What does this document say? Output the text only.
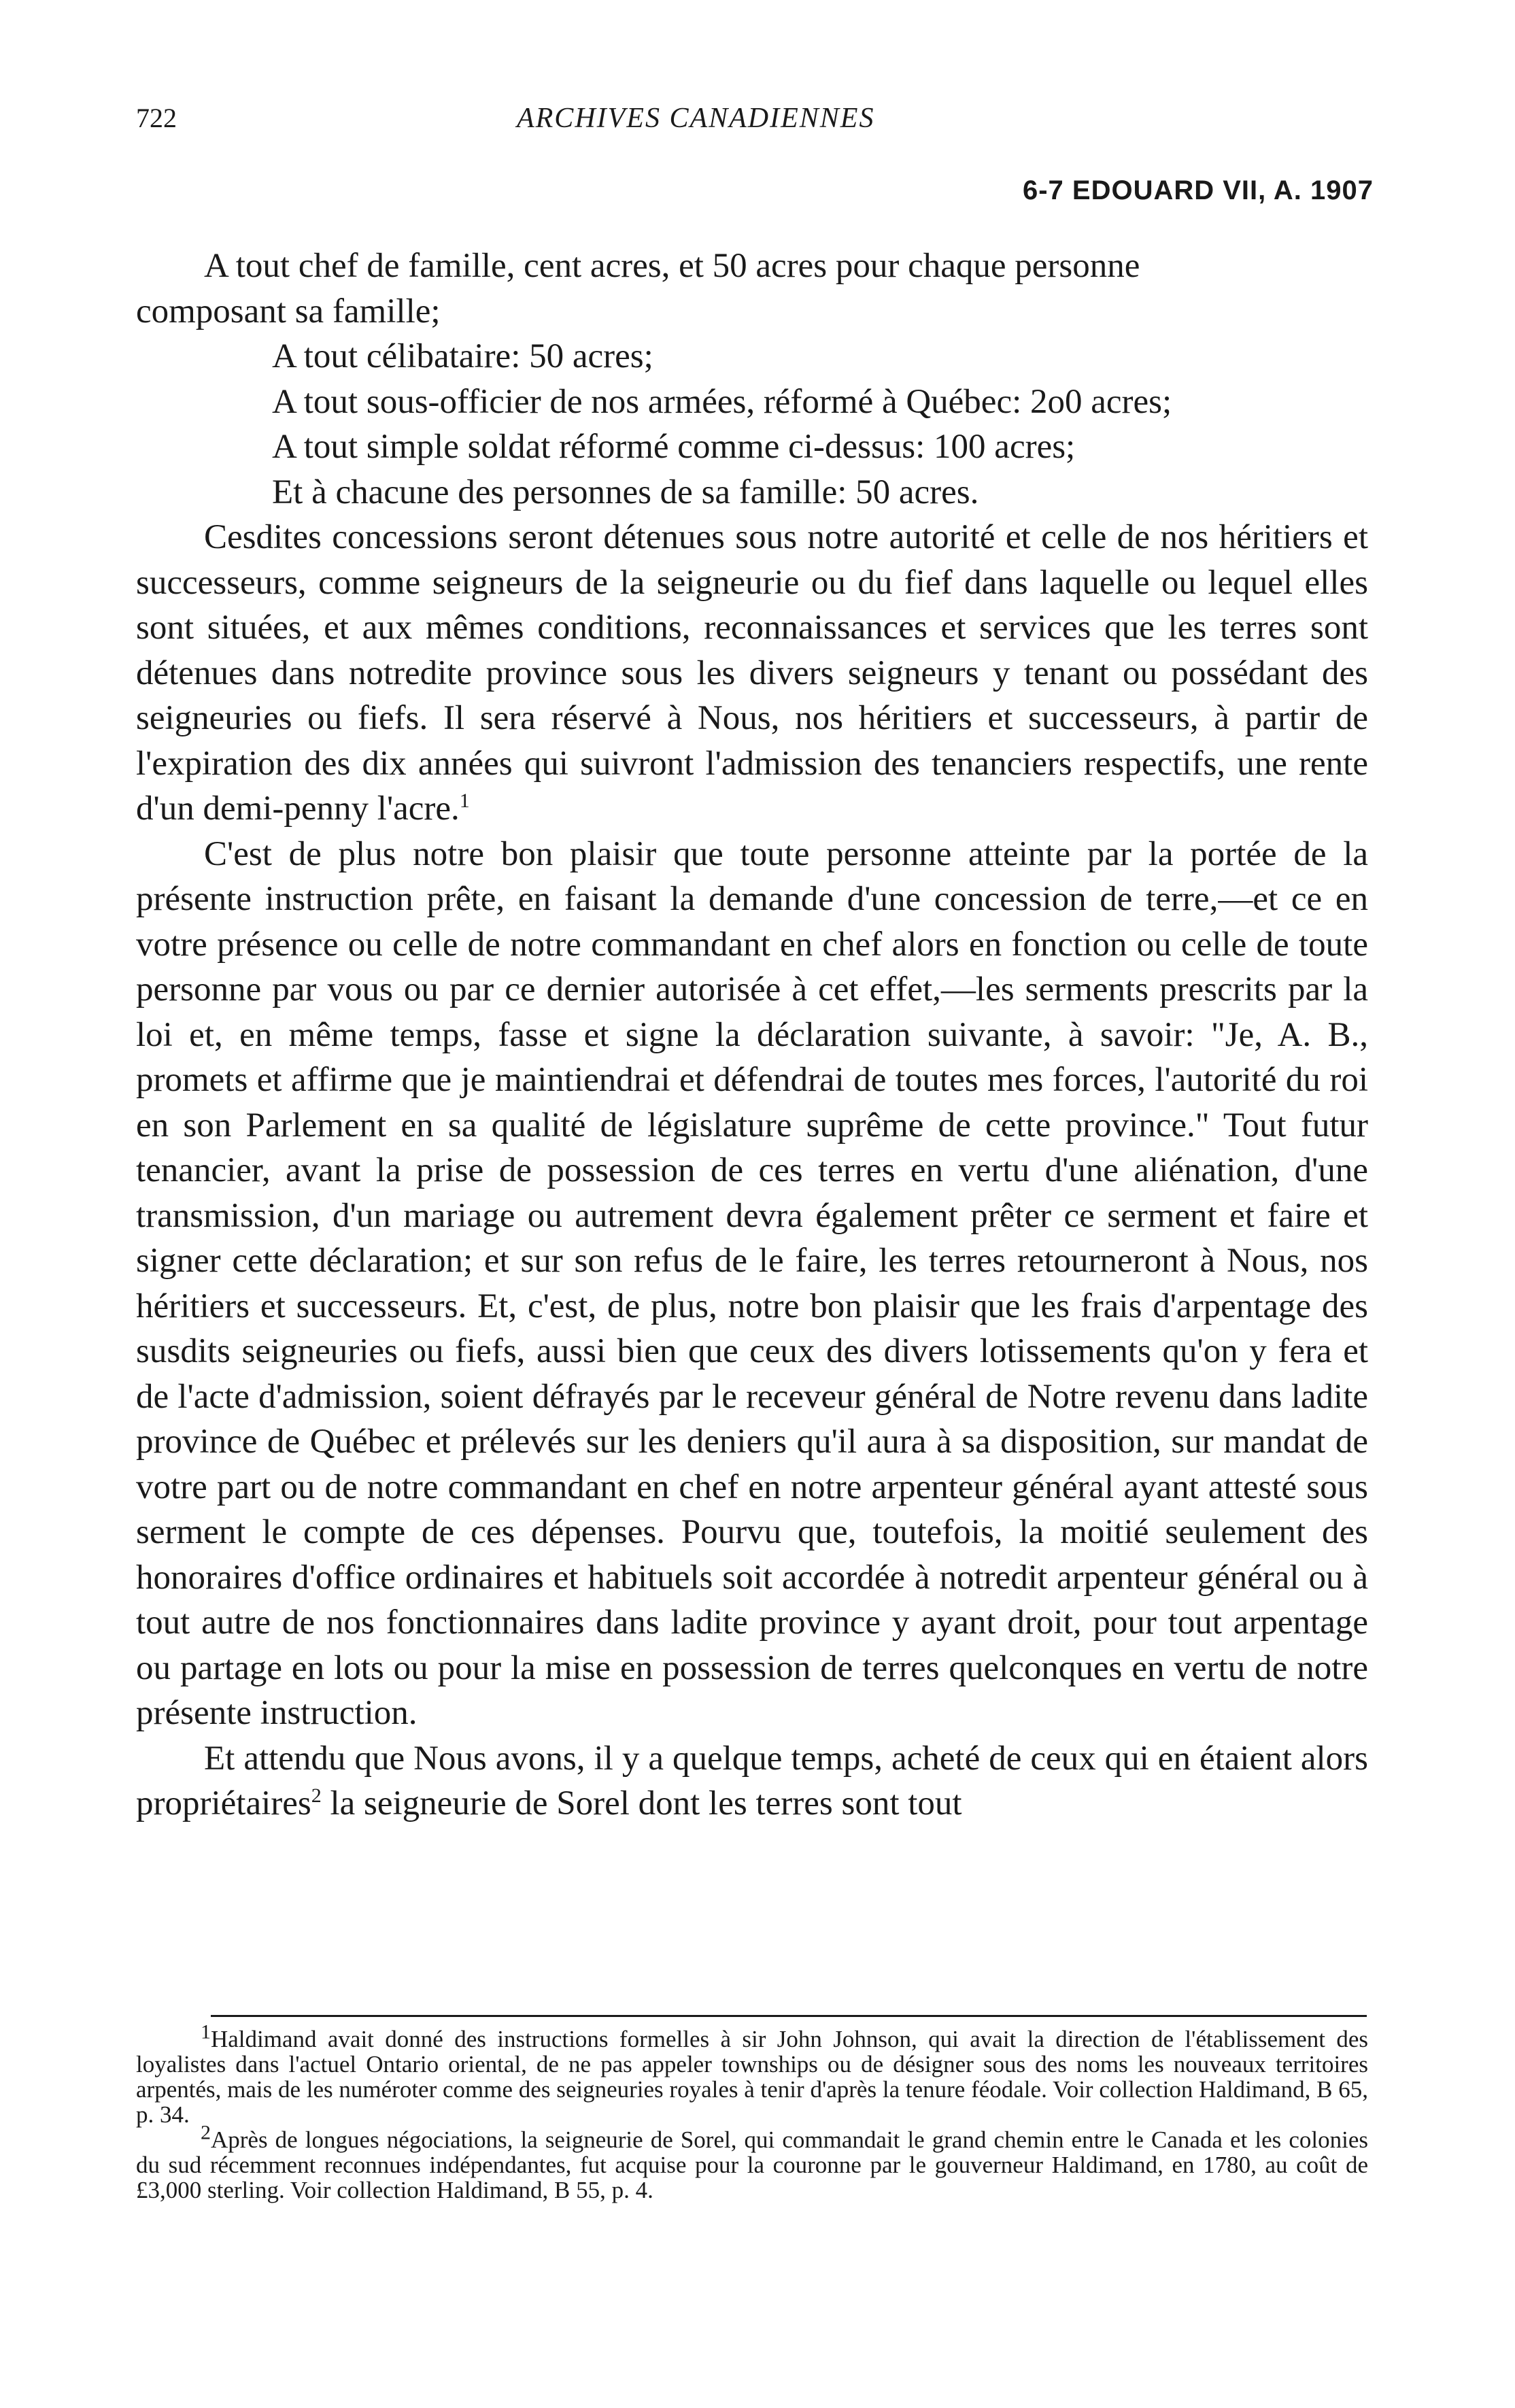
722	ARCHIVES CANADIENNES
6-7 EDOUARD VII, A. 1907

A tout chef de famille, cent acres, et 50 acres pour chaque personne

composant sa famille;

A tout célibataire: 50 acres;

A tout sous-officier de nos armées, réformé à Québec: 2o0 acres;

A tout simple soldat réformé comme ci-dessus: 100 acres;

Et à chacune des personnes de sa famille: 50 acres.

Cesdites concessions seront détenues sous notre autorité et celle de nos héritiers et successeurs, comme seigneurs de la seigneurie ou du fief dans laquelle ou lequel elles sont situées, et aux mêmes conditions, reconnaissances et services que les terres sont détenues dans notredite province sous les divers seigneurs y tenant ou possédant des seigneuries ou fiefs. Il sera réservé à Nous, nos héritiers et successeurs, à partir de l'expiration des dix années qui suivront l'admission des tenanciers respectifs, une rente d'un demi-penny l'acre.$^1$

C'est de plus notre bon plaisir que toute personne atteinte par la portée de la présente instruction prête, en faisant la demande d'une concession de terre,—et ce en votre présence ou celle de notre commandant en chef alors en fonction ou celle de toute personne par vous ou par ce dernier autorisée à cet effet,—les serments prescrits par la loi et, en même temps, fasse et signe la déclaration suivante, à savoir: "Je, A. B., promets et affirme que je maintiendrai et défendrai de toutes mes forces, l'autorité du roi en son Parlement en sa qualité de législature suprême de cette province." Tout futur tenancier, avant la prise de possession de ces terres en vertu d'une aliénation, d'une transmission, d'un mariage ou autrement devra également prêter ce serment et faire et signer cette déclaration; et sur son refus de le faire, les terres retourneront à Nous, nos héritiers et successeurs. Et, c'est, de plus, notre bon plaisir que les frais d'arpentage des susdits seigneuries ou fiefs, aussi bien que ceux des divers lotissements qu'on y fera et de l'acte d'admission, soient défrayés par le receveur général de Notre revenu dans ladite province de Québec et prélevés sur les deniers qu'il aura à sa disposition, sur mandat de votre part ou de notre commandant en chef en notre arpenteur général ayant attesté sous serment le compte de ces dépenses. Pourvu que, toutefois, la moitié seulement des honoraires d'office ordinaires et habituels soit accordée à notredit arpenteur général ou à tout autre de nos fonctionnaires dans ladite province y ayant droit, pour tout arpentage ou partage en lots ou pour la mise en possession de terres quelconques en vertu de notre présente instruction.

Et attendu que Nous avons, il y a quelque temps, acheté de ceux qui en étaient alors propriétaires$^2$ la seigneurie de Sorel dont les terres sont tout

$^1$Haldimand avait donné des instructions formelles à sir John Johnson, qui avait la direction de l'établissement des loyalistes dans l'actuel Ontario oriental, de ne pas appeler townships ou de désigner sous des noms les nouveaux territoires arpentés, mais de les numéroter comme des seigneuries royales à tenir d'après la tenure féodale. Voir collection Haldimand, B 65, p. 34.

$^2$Après de longues négociations, la seigneurie de Sorel, qui commandait le grand chemin entre le Canada et les colonies du sud récemment reconnues indépendantes, fut acquise pour la couronne par le gouverneur Haldimand, en 1780, au coût de £3,000 sterling. Voir collection Haldimand, B 55, p. 4.
